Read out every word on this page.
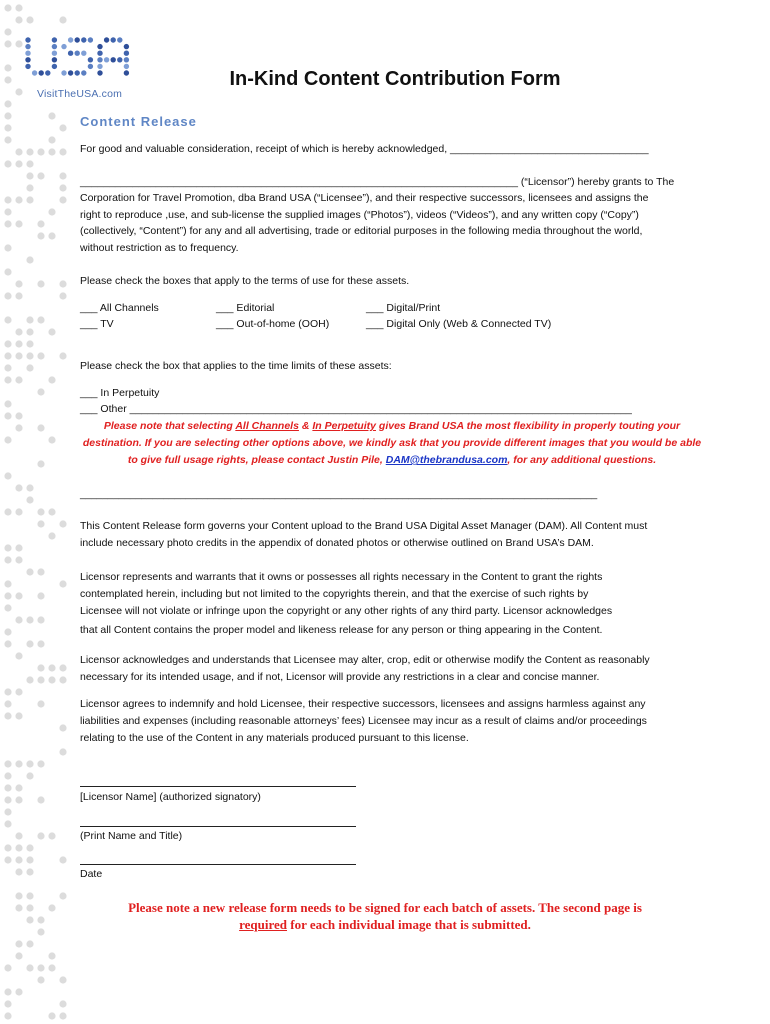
VisitTheUSA.com
In-Kind Content Contribution Form
Content Release
For good and valuable consideration, receipt of which is hereby acknowledged, __________________________________
___________________________________________________________________________ (“Licensor”) hereby grants to The
Corporation for Travel Promotion, dba Brand USA (“Licensee”), and their respective successors, licensees and assigns the
right to reproduce ,use, and sub-license the supplied images (“Photos”), videos (“Videos”), and any written copy (“Copy”)
(collectively, “Content”) for any and all advertising, trade or editorial purposes in the following media throughout the world,
without restriction as to frequency.
Please check the boxes that apply to the terms of use for these assets.
___ All Channels
___ TV
___ Editorial
___ Out-of-home (OOH)
___ Digital/Print
___ Digital Only (Web & Connected TV)
Please check the box that applies to the time limits of these assets:
___ In Perpetuity
___ Other ______________________________________________________________________________________
Please note that selecting All Channels & In Perpetuity gives Brand USA the most flexibility in properly touting your destination. If you are selecting other options above, we kindly ask that you provide different images that you would be able to give full usage rights, please contact Justin Pile, DAM@thebrandusa.com, for any additional questions.
_____________________________________________________________________________________________
This Content Release form governs your Content upload to the Brand USA Digital Asset Manager (DAM). All Content must
include necessary photo credits in the appendix of donated photos or otherwise outlined on Brand USA’s DAM.
Licensor represents and warrants that it owns or possesses all rights necessary in the Content to grant the rights
contemplated herein, including but not limited to the copyrights therein, and that the exercise of such rights by
Licensee will not violate or infringe upon the copyright or any other rights of any third party. Licensor acknowledges
that all Content contains the proper model and likeness release for any person or thing appearing in the Content.
Licensor acknowledges and understands that Licensee may alter, crop, edit or otherwise modify the Content as reasonably
necessary for its intended usage, and if not, Licensor will provide any restrictions in a clear and concise manner.
Licensor agrees to indemnify and hold Licensee, their respective successors, licensees and assigns harmless against any
liabilities and expenses (including reasonable attorneys’ fees) Licensee may incur as a result of claims and/or proceedings
relating to the use of the Content in any materials produced pursuant to this license.
[Licensor Name] (authorized signatory)
(Print Name and Title)
Date
Please note a new release form needs to be signed for each batch of assets. The second page is
required for each individual image that is submitted.
